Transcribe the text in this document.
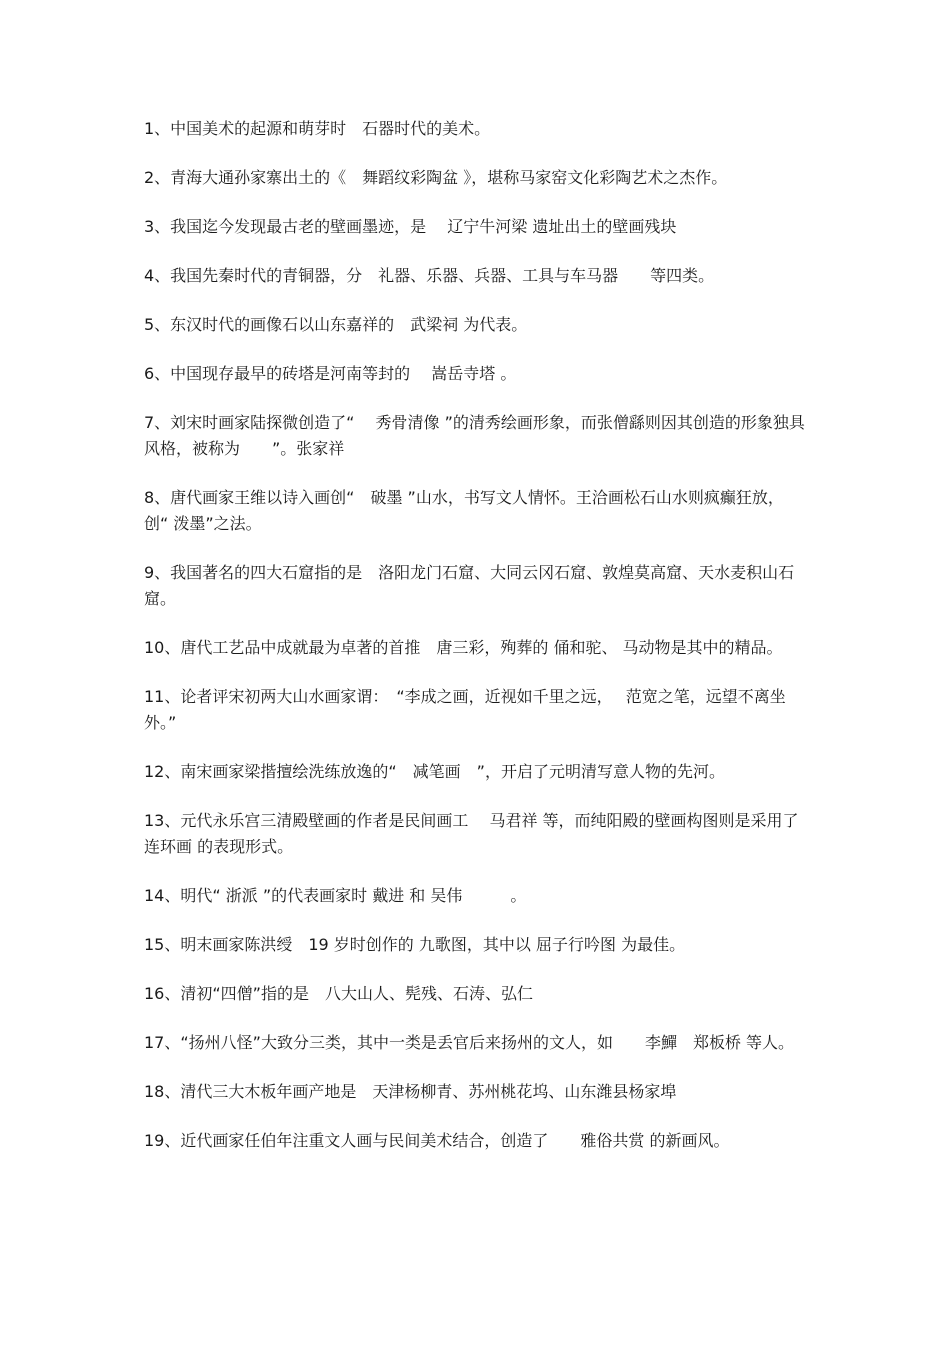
1、中国美术的起源和萌芽时　石器时代的美术。

2、青海大通孙家寨出土的《　舞蹈纹彩陶盆 》，堪称马家窑文化彩陶艺术之杰作。

3、我国迄今发现最古老的壁画墨迹，是　 辽宁牛河梁 遗址出土的壁画残块

4、我国先秦时代的青铜器，分　礼器、乐器、兵器、工具与车马器　　等四类。

5、东汉时代的画像石以山东嘉祥的　武梁祠 为代表。

6、中国现存最早的砖塔是河南等封的　 嵩岳寺塔 。

7、刘宋时画家陆探微创造了“　 秀骨清像 ”的清秀绘画形象，而张僧繇则因其创造的形象独具风格，被称为　　”。张家祥

8、唐代画家王维以诗入画创“　破墨 ”山水，书写文人情怀。王洽画松石山水则疯癫狂放，创“ 泼墨”之法。

9、我国著名的四大石窟指的是　洛阳龙门石窟、大同云冈石窟、敦煌莫高窟、天水麦积山石窟。

10、唐代工艺品中成就最为卓著的首推　唐三彩，殉葬的 俑和驼、 马动物是其中的精品。

11、论者评宋初两大山水画家谓：　“李成之画，近视如千里之远，　 范宽之笔，远望不离坐外。”

12、南宋画家梁揩擅绘洗练放逸的“　减笔画　”，开启了元明清写意人物的先河。

13、元代永乐宫三清殿壁画的作者是民间画工　 马君祥 等，而纯阳殿的壁画构图则是采用了 连环画 的表现形式。

14、明代“ 浙派 ”的代表画家时 戴进 和 吴伟　　　。

15、明末画家陈洪绶　19 岁时创作的 九歌图，其中以 屈子行吟图 为最佳。

16、清初“四僧”指的是　八大山人、髡残、石涛、弘仁

17、“扬州八怪”大致分三类，其中一类是丢官后来扬州的文人，如　　李鱓　郑板桥 等人。

18、清代三大木板年画产地是　天津杨柳青、苏州桃花坞、山东潍县杨家埠

19、近代画家任伯年注重文人画与民间美术结合，创造了　　雅俗共赏 的新画风。
